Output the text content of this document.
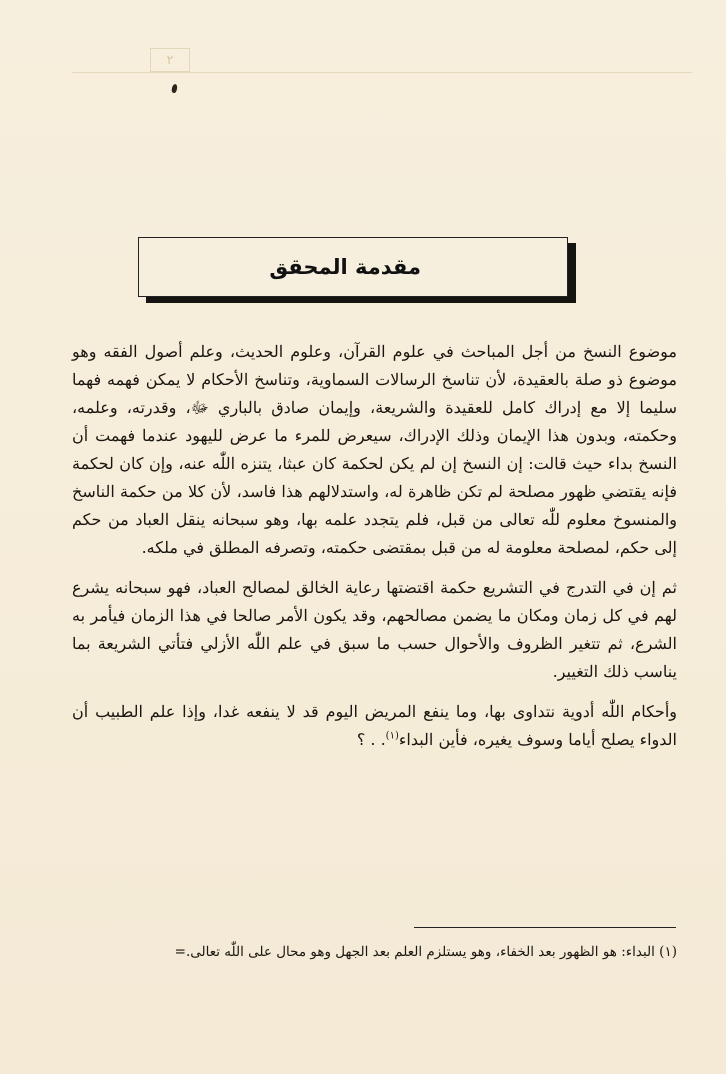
٢
مقدمة المحقق

موضوع النسخ من أجل المباحث في علوم القرآن، وعلوم الحديث، وعلم أصول الفقه وهو موضوع ذو صلة بالعقيدة، لأن تناسخ الرسالات السماوية، وتناسخ الأحكام لا يمكن فهمه فهما سليما إلا مع إدراك كامل للعقيدة والشريعة، وإيمان صادق بالباري ﷻ، وقدرته، وعلمه، وحكمته، وبدون هذا الإيمان وذلك الإدراك، سيعرض للمرء ما عرض لليهود عندما فهمت أن النسخ بداء حيث قالت: إن النسخ إن لم يكن لحكمة كان عبثا، يتنزه اللّٰه عنه، وإن كان لحكمة فإنه يقتضي ظهور مصلحة لم تكن ظاهرة له، واستدلالهم هذا فاسد، لأن كلا من حكمة الناسخ والمنسوخ معلوم للّٰه تعالى من قبل، فلم يتجدد علمه بها، وهو سبحانه ينقل العباد من حكم إلى حكم، لمصلحة معلومة له من قبل بمقتضى حكمته، وتصرفه المطلق في ملكه.

ثم إن في التدرج في التشريع حكمة اقتضتها رعاية الخالق لمصالح العباد، فهو سبحانه يشرع لهم في كل زمان ومكان ما يضمن مصالحهم، وقد يكون الأمر صالحا في هذا الزمان فيأمر به الشرع، ثم تتغير الظروف والأحوال حسب ما سبق في علم اللّٰه الأزلي فتأتي الشريعة بما يناسب ذلك التغيير.

وأحكام اللّٰه أدوية نتداوى بها، وما ينفع المريض اليوم قد لا ينفعه غدا، وإذا علم الطبيب أن الدواء يصلح أياما وسوف يغيره، فأين البداء$^{(١)}$. . ؟

(١) البداء: هو الظهور بعد الخفاء، وهو يستلزم العلم بعد الجهل وهو محال على اللّٰه تعالى.=
